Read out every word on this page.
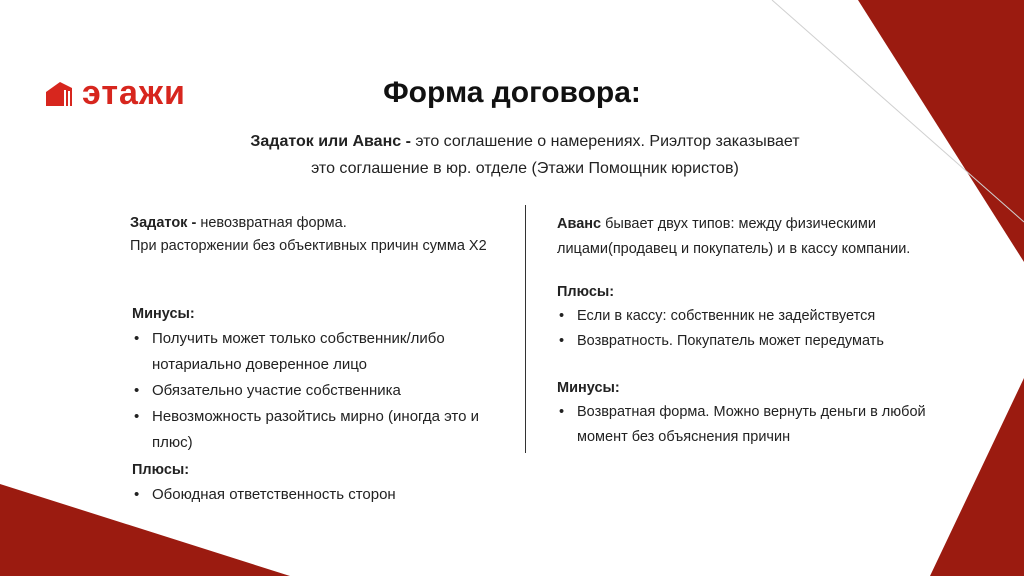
этажи	Форма договора:
Задаток или Аванс - это соглашение о намерениях. Риэлтор заказывает
это соглашение в юр. отделе (Этажи Помощник юристов)

Задаток - невозвратная форма.

При расторжении без объективных причин сумма Х2

Минусы:
• Получить может только собственник/либо нотариально доверенное лицо
• Обязательно участие собственника
• Невозможность разойтись мирно (иногда это и плюс)
Плюсы:
• Обоюдная ответственность сторон

Аванс бывает двух типов: между физическими лицами(продавец и покупатель) и в кассу компании.

Плюсы:
• Если в кассу: собственник не задействуется
• Возвратность. Покупатель может передумать
Минусы:
• Возвратная форма. Можно вернуть деньги в любой момент без объяснения причин
